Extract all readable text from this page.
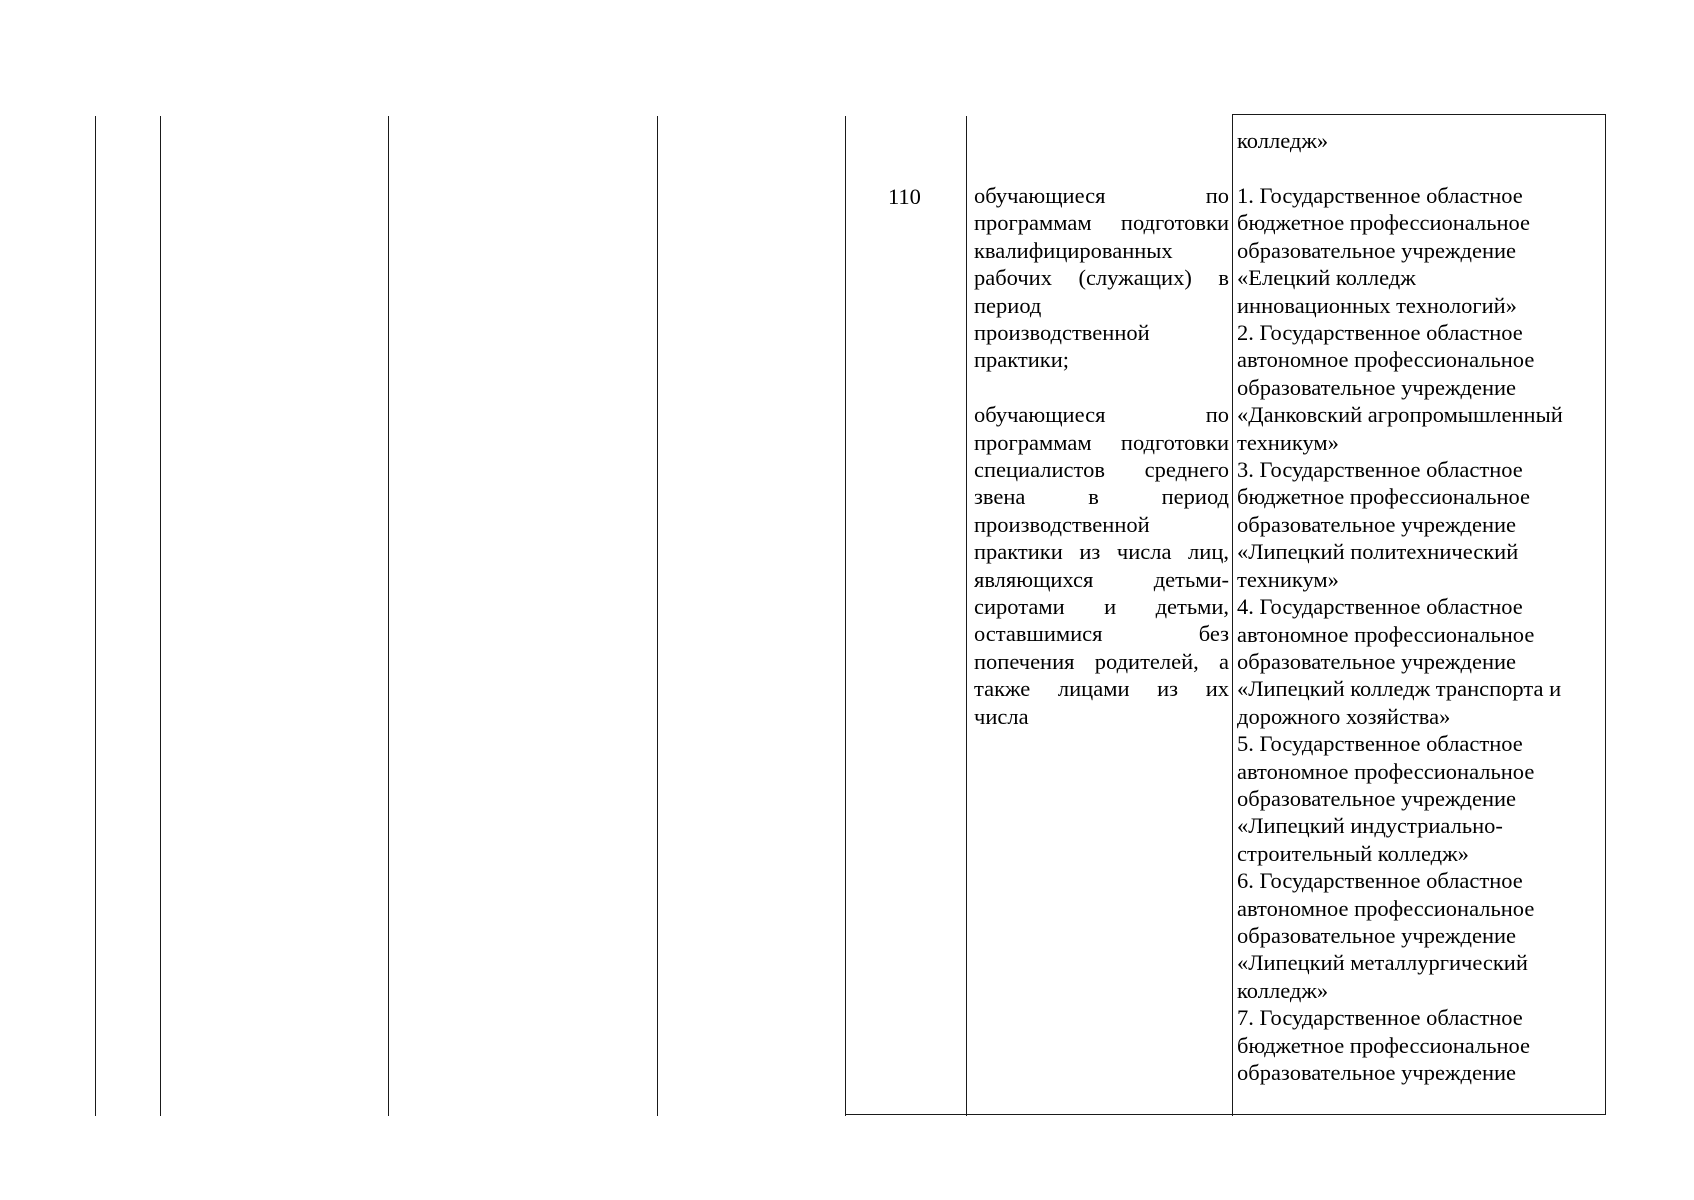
колледж»
110	обучающиеся по
программам подготовки
квалифицированных
рабочих (служащих) в
период
производственной
практики;

обучающиеся по
программам подготовки
специалистов среднего
звена в период
производственной
практики из числа лиц,
являющихся детьми-
сиротами и детьми,
оставшимися без
попечения родителей, а
также лицами из их
числа

1. Государственное областное
бюджетное профессиональное
образовательное учреждение
«Елецкий колледж
инновационных технологий»
2. Государственное областное
автономное профессиональное
образовательное учреждение
«Данковский агропромышленный
техникум»
3. Государственное областное
бюджетное профессиональное
образовательное учреждение
«Липецкий политехнический
техникум»
4. Государственное областное
автономное профессиональное
образовательное учреждение
«Липецкий колледж транспорта и
дорожного хозяйства»
5. Государственное областное
автономное профессиональное
образовательное учреждение
«Липецкий индустриально-
строительный колледж»
6. Государственное областное
автономное профессиональное
образовательное учреждение
«Липецкий металлургический
колледж»
7. Государственное областное
бюджетное профессиональное
образовательное учреждение
